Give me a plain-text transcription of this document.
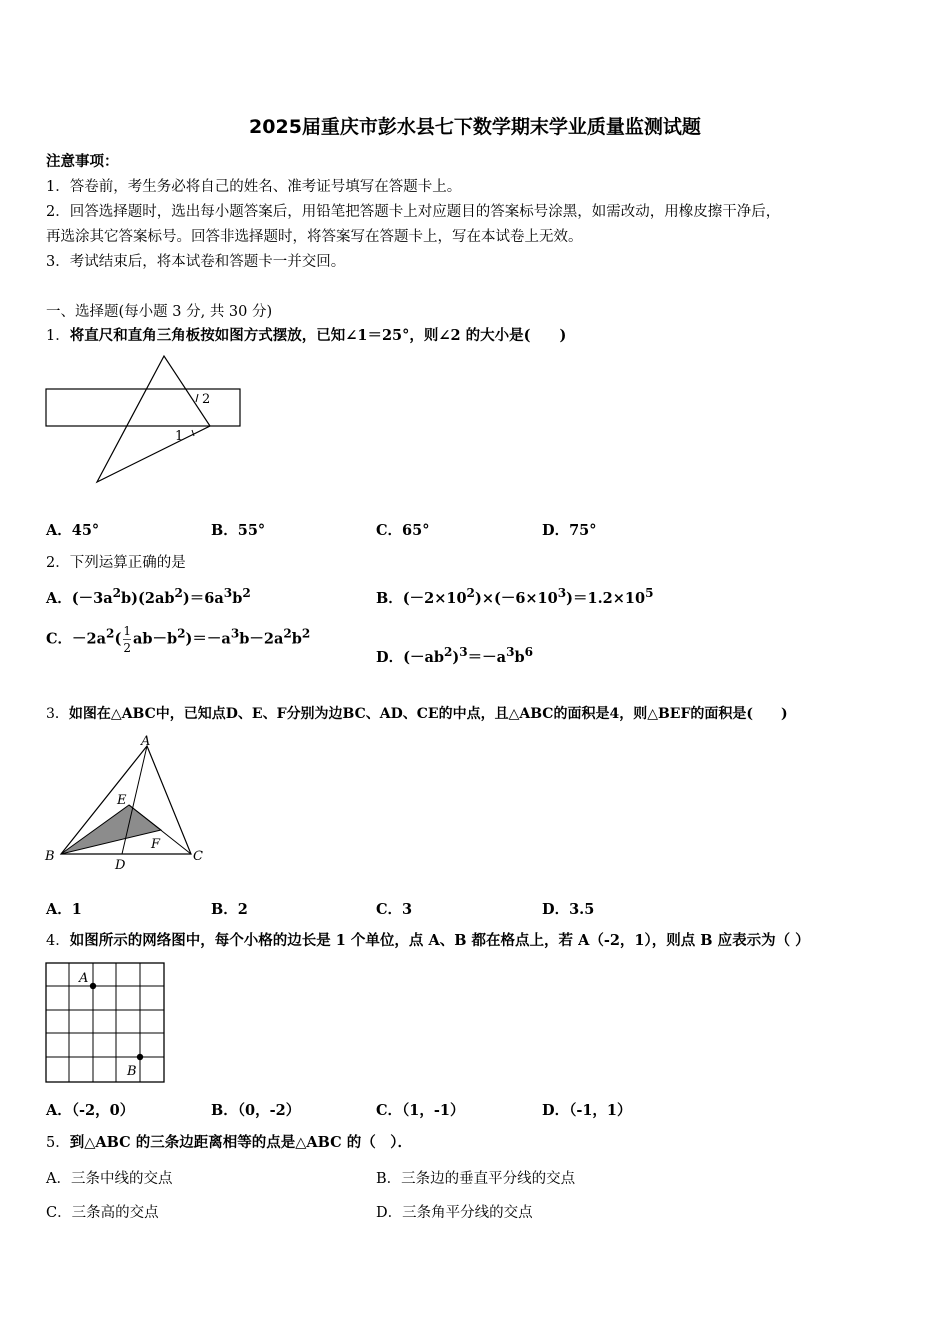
2025届重庆市彭水县七下数学期末学业质量监测试题
注意事项：
1．答卷前，考生务必将自己的姓名、准考证号填写在答题卡上。
2．回答选择题时，选出每小题答案后，用铅笔把答题卡上对应题目的答案标号涂黑，如需改动，用橡皮擦干净后，
再选涂其它答案标号。回答非选择题时，将答案写在答题卡上，写在本试卷上无效。
3．考试结束后，将本试卷和答题卡一并交回。
一、选择题(每小题 3 分, 共 30 分)
1．将直尺和直角三角板按如图方式摆放，已知∠1＝25°，则∠2 的大小是(　　)
1
2
A．45°	B．55°	C．65°	D．75°
2．下列运算正确的是
A．$(-3a^2b)(2ab^2)=6a^3b^2$	B．$(-2\times 10^2)\times(-6\times 10^3)=1.2\times 10^5$
C．$-2a^2( \frac{1}{2} ab-b^2)=-a^3b-2a^2b^2$
D．$(-ab^2)^3=-a^3b^6$
3．如图在△ABC中，已知点D、E、F分别为边BC、AD、CE的中点，且△ABC的面积是4，则△BEF的面积是(　　)
A
B	C
D
E
F
A．1	B．2	C．3	D．3.5
4．如图所示的网络图中，每个小格的边长是 1 个单位，点 A、B 都在格点上，若 A（-2，1），则点 B 应表示为（ ）
A
B
A．（-2，0）	B．（0，-2）	C．（1，-1）	D．（-1，1）
5．到△ABC 的三条边距离相等的点是△ABC 的（　）．
A．三条中线的交点	B．三条边的垂直平分线的交点
C．三条高的交点	D．三条角平分线的交点
